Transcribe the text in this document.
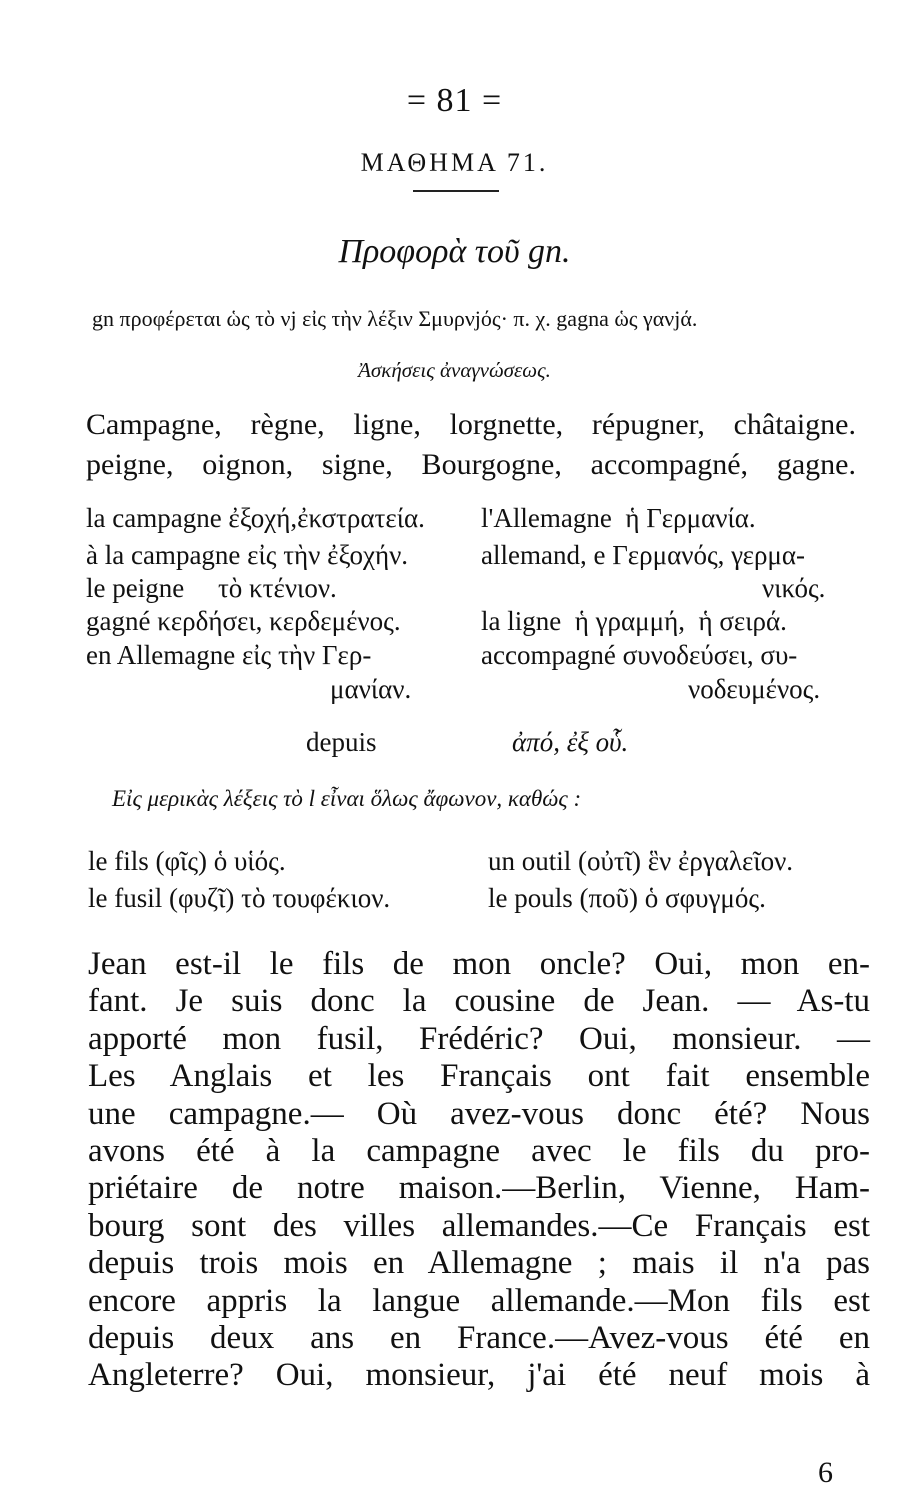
= 81 =
ΜΑΘΗΜΑ 71.
Προφορὰ τοῦ gn.
gn προφέρεται ὡς τὸ νj εἰς τὴν λέξιν Σμυρνjός· π. χ. gagna ὡς γανjά.
Ἀσκήσεις ἀναγνώσεως.
Campagne, règne, ligne, lorgnette, répugner, châtaigne.
peigne, oignon, signe, Bourgogne, accompagné, gagne.
la campagne ἐξοχή,ἐκστρατεία.
à la campagne εἰς τὴν ἐξοχήν.
le peigne     τὸ κτένιον.
gagné κερδήσει, κερδεμένος.
en Allemagne εἰς τὴν Γερ-
μανίαν.
l'Allemagne  ἡ Γερμανία.
allemand, e Γερμανός, γερμα-
νικός.
la ligne  ἡ γραμμή,  ἡ σειρά.
accompagné συνοδεύσει, συ-
νοδευμένος.
depuis	ἀπό, ἐξ οὗ.
Εἰς μερικὰς λέξεις τὸ l εἶναι ὅλως ἄφωνον, καθώς :
le fils (φῖς) ὁ υἱός.
le fusil (φυζῖ) τὸ τουφέκιον.
un outil (οὐτῖ) ἓν ἐργαλεῖον.
le pouls (ποῦ) ὁ σφυγμός.
Jean est-il le fils de mon oncle? Oui, mon en-
fant. Je suis donc la cousine de Jean. — As-tu
apporté mon fusil, Frédéric? Oui, monsieur. —
Les Anglais et les Français ont fait ensemble
une campagne.— Où avez-vous donc été? Nous
avons été à la campagne avec le fils du pro-
priétaire de notre maison.—Berlin, Vienne, Ham-
bourg sont des villes allemandes.—Ce Français est
depuis trois mois en Allemagne ; mais il n'a pas
encore appris la langue allemande.—Mon fils est
depuis deux ans en France.—Avez-vous été en
Angleterre? Oui, monsieur, j'ai été neuf mois à
6
